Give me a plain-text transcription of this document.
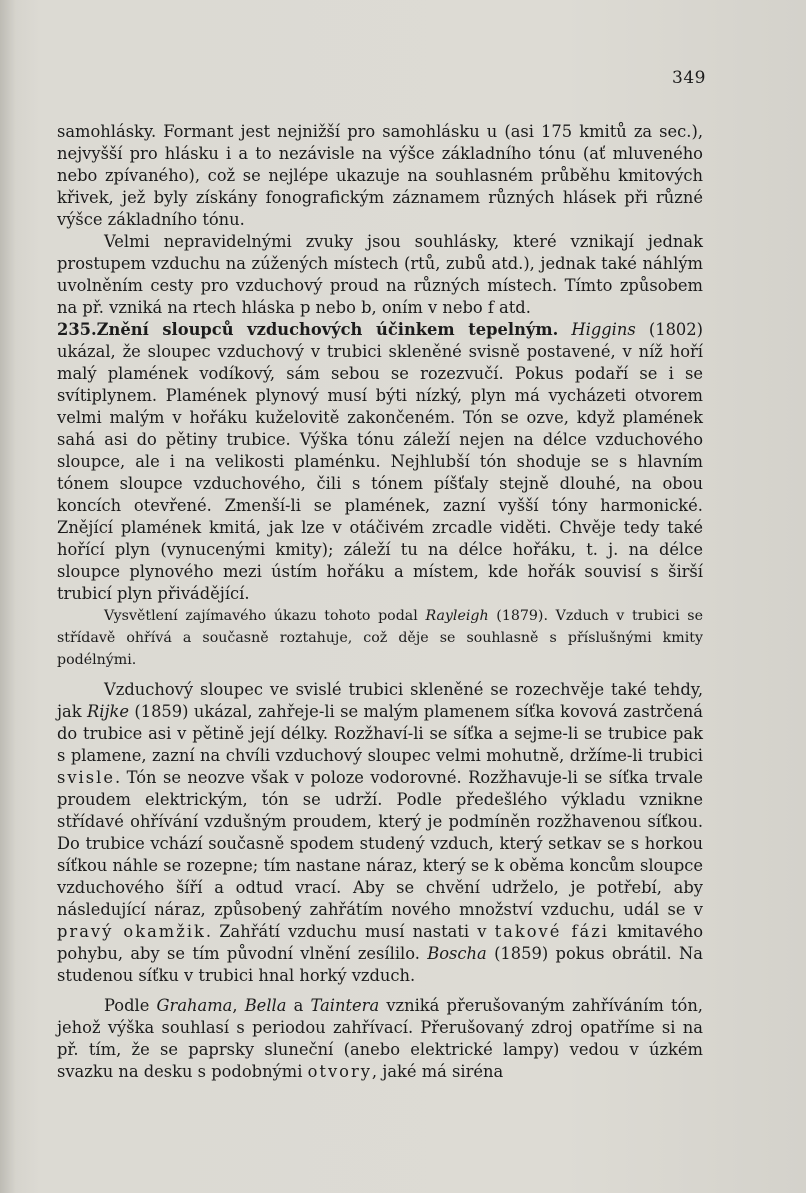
349

samohlásky. Formant jest nejnižší pro samohlásku u (asi 175 kmitů za sec.), nejvyšší pro hlásku i a to nezávisle na výšce základního tónu (ať mluveného nebo zpívaného), což se nejlépe ukazuje na souhlasném průběhu kmitových křivek, jež byly získány fonografickým záznamem různých hlásek při různé výšce základního tónu.

Velmi nepravidelnými zvuky jsou souhlásky, které vznikají jednak prostupem vzduchu na zúžených místech (rtů, zubů atd.), jednak také náhlým uvolněním cesty pro vzduchový proud na různých místech. Tímto způsobem na př. vzniká na rtech hláska p nebo b, oním v nebo f atd.

235.Znění sloupců vzduchových účinkem tepelným. Higgins (1802) ukázal, že sloupec vzduchový v trubici skleněné svisně postavené, v níž hoří malý plamének vodíkový, sám sebou se rozezvučí. Pokus podaří se i se svítiplynem. Plamének plynový musí býti nízký, plyn má vycházeti otvorem velmi malým v hořáku kuželovitě zakončeném. Tón se ozve, když plamének sahá asi do pětiny trubice. Výška tónu záleží nejen na délce vzduchového sloupce, ale i na velikosti plaménku. Nejhlubší tón shoduje se s hlavním tónem sloupce vzduchového, čili s tónem píšťaly stejně dlouhé, na obou koncích otevřené. Zmenší-li se plamének, zazní vyšší tóny harmonické. Znějící plamének kmitá, jak lze v otáčivém zrcadle viděti. Chvěje tedy také hořící plyn (vynucenými kmity); záleží tu na délce hořáku, t. j. na délce sloupce plynového mezi ústím hořáku a místem, kde hořák souvisí s širší trubicí plyn přivádějící.

Vysvětlení zajímavého úkazu tohoto podal Rayleigh (1879). Vzduch v trubici se střídavě ohřívá a současně roztahuje, což děje se souhlasně s příslušnými kmity podélnými.

Vzduchový sloupec ve svislé trubici skleněné se rozechvěje také tehdy, jak Rijke (1859) ukázal, zahřeje-li se malým plamenem síťka kovová zastrčená do trubice asi v pětině její délky. Rozžhaví-li se síťka a sejme-li se trubice pak s plamene, zazní na chvíli vzduchový sloupec velmi mohutně, držíme-li trubici svisle. Tón se neozve však v poloze vodorovné. Rozžhavuje-li se síťka trvale proudem elektrickým, tón se udrží. Podle předešlého výkladu vznikne střídavé ohřívání vzdušným proudem, který je podmíněn rozžhavenou síťkou. Do trubice vchází současně spodem studený vzduch, který setkav se s horkou síťkou náhle se rozepne; tím nastane náraz, který se k oběma koncům sloupce vzduchového šíří a odtud vrací. Aby se chvění udrželo, je potřebí, aby následující náraz, způsobený zahřátím nového množství vzduchu, udál se v pravý okamžik. Zahřátí vzduchu musí nastati v takové fázi kmitavého pohybu, aby se tím původní vlnění zesílilo. Boscha (1859) pokus obrátil. Na studenou síťku v trubici hnal horký vzduch.

Podle Grahama, Bella a Taintera vzniká přerušovaným zahříváním tón, jehož výška souhlasí s periodou zahřívací. Přerušovaný zdroj opatříme si na př. tím, že se paprsky sluneční (anebo elektrické lampy) vedou v úzkém svazku na desku s podobnými otvory, jaké má siréna
